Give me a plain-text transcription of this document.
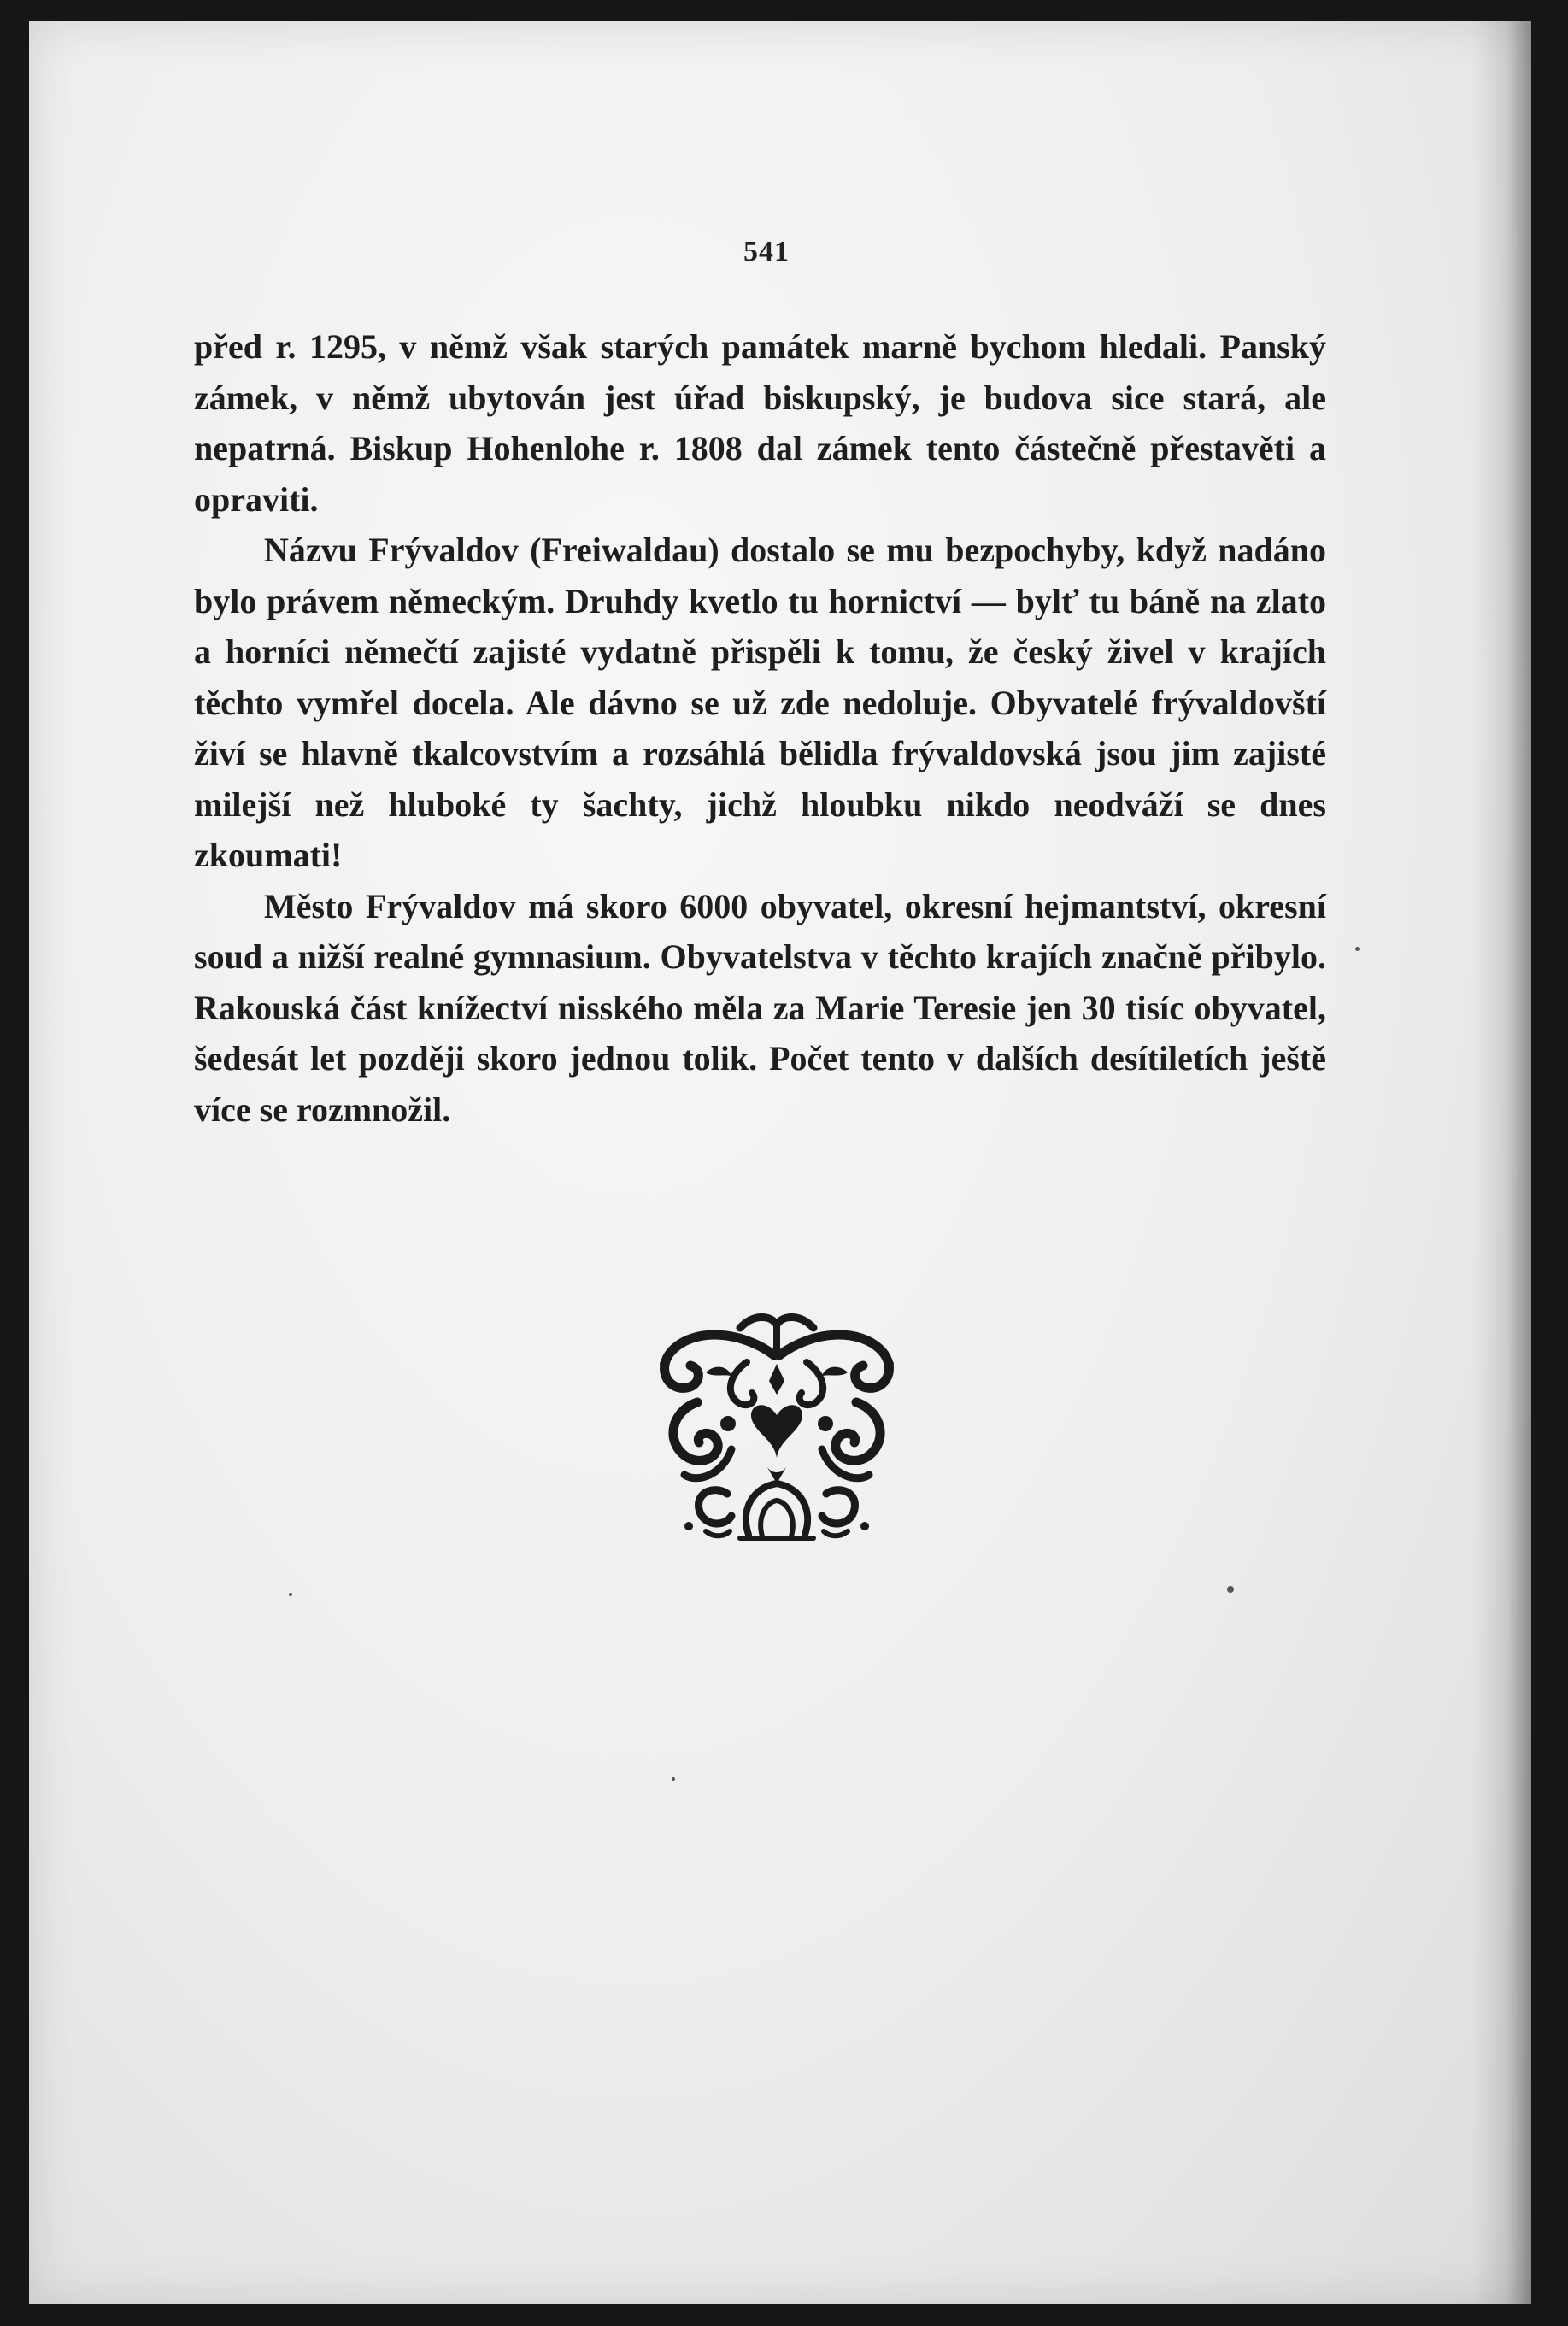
541

před r. 1295, v němž však starých památek marně bychom hledali. Panský zámek, v němž ubytován jest úřad biskupský, je budova sice stará, ale nepatrná. Biskup Hohenlohe r. 1808 dal zámek tento částečně přestavěti a opraviti.

Názvu Frývaldov (Freiwaldau) dostalo se mu bezpochyby, když nadáno bylo právem německým. Druhdy kvetlo tu hornictví — bylť tu báně na zlato a horníci němečtí zajisté vydatně přispěli k tomu, že český živel v krajích těchto vymřel docela. Ale dávno se už zde nedoluje. Obyvatelé frývaldovští živí se hlavně tkalcovstvím a rozsáhlá bělidla frývaldovská jsou jim zajisté milejší než hluboké ty šachty, jichž hloubku nikdo neodváží se dnes zkoumati!

Město Frývaldov má skoro 6000 obyvatel, okresní hejmantství, okresní soud a nižší realné gymnasium. Obyvatelstva v těchto krajích značně přibylo. Rakouská část knížectví nisského měla za Marie Teresie jen 30 tisíc obyvatel, šedesát let později skoro jednou tolik. Počet tento v dalších desítiletích ještě více se rozmnožil.
